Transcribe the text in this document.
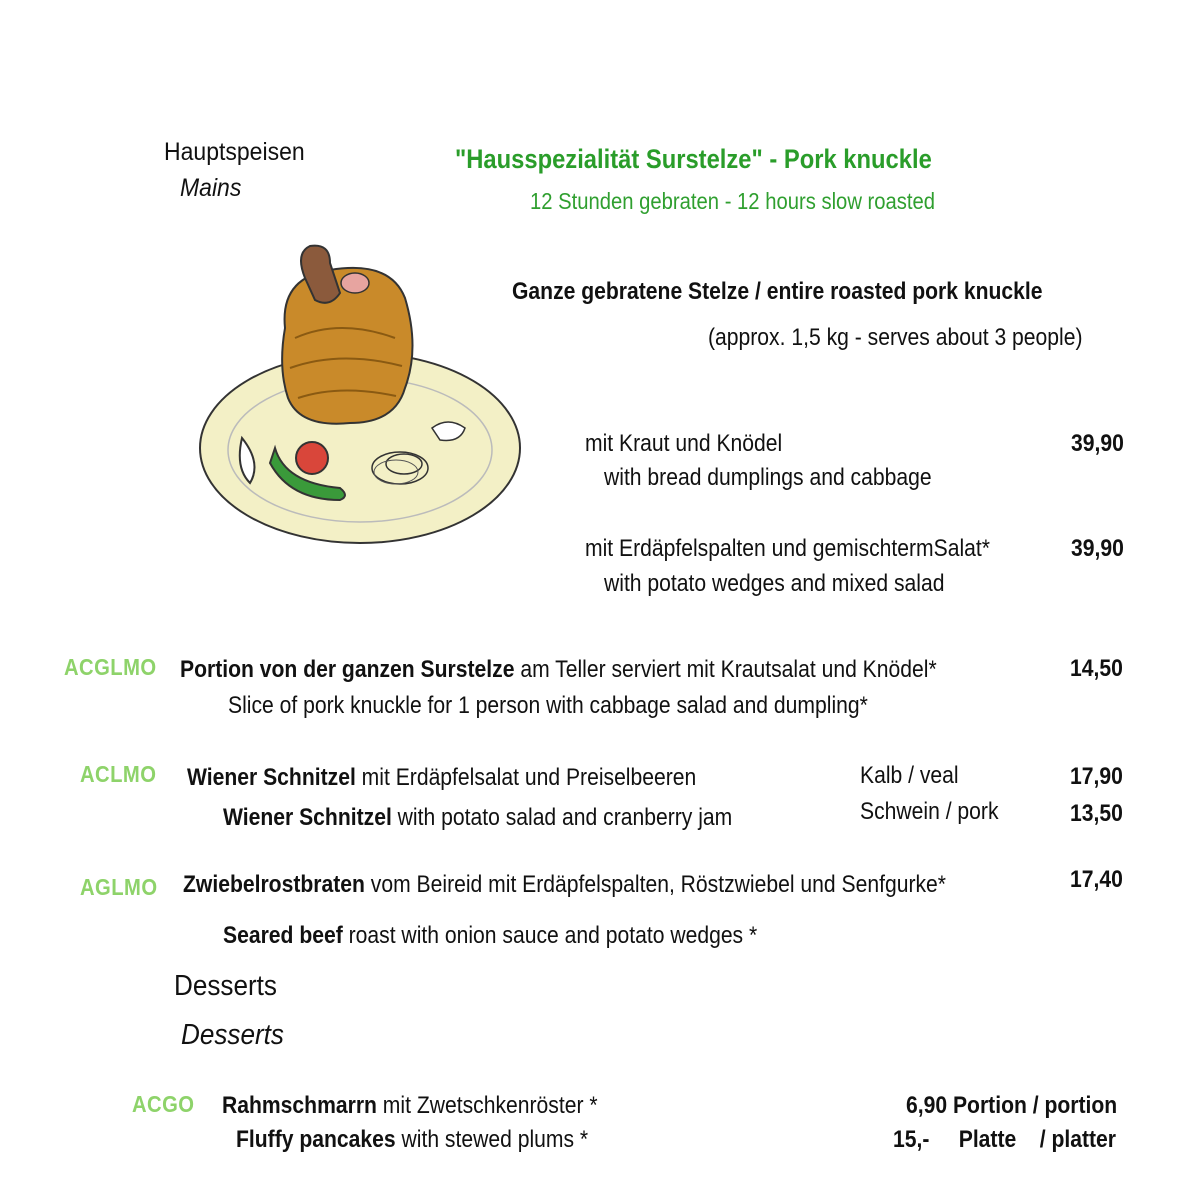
Hauptspeisen
Mains
"Hausspezialität Surstelze" - Pork knuckle
12 Stunden gebraten - 12 hours slow roasted
Ganze gebratene Stelze / entire roasted pork knuckle
(approx. 1,5 kg - serves about 3 people)
mit Kraut und Knödel
with bread dumplings and cabbage
39,90
mit Erdäpfelspalten und gemischtermSalat*
with potato wedges and mixed salad
39,90
ACGLMO Portion von der ganzen Surstelze am Teller serviert mit Krautsalat und Knödel*
Slice of pork knuckle for 1 person with cabbage salad and dumpling*
14,50
ACLMO Wiener Schnitzel mit Erdäpfelsalat und Preiselbeeren
Wiener Schnitzel with potato salad and cranberry jam
Kalb / veal
Schwein / pork
17,90
13,50
AGLMO Zwiebelrostbraten vom Beireid mit Erdäpfelspalten, Röstzwiebel und Senfgurke*
Seared beef roast with onion sauce and potato wedges *
17,40
Desserts
Desserts
ACGO Rahmschmarrn mit Zwetschkenröster *
Fluffy pancakes with stewed plums *
6,90 Portion / portion
15,-     Platte    / platter
